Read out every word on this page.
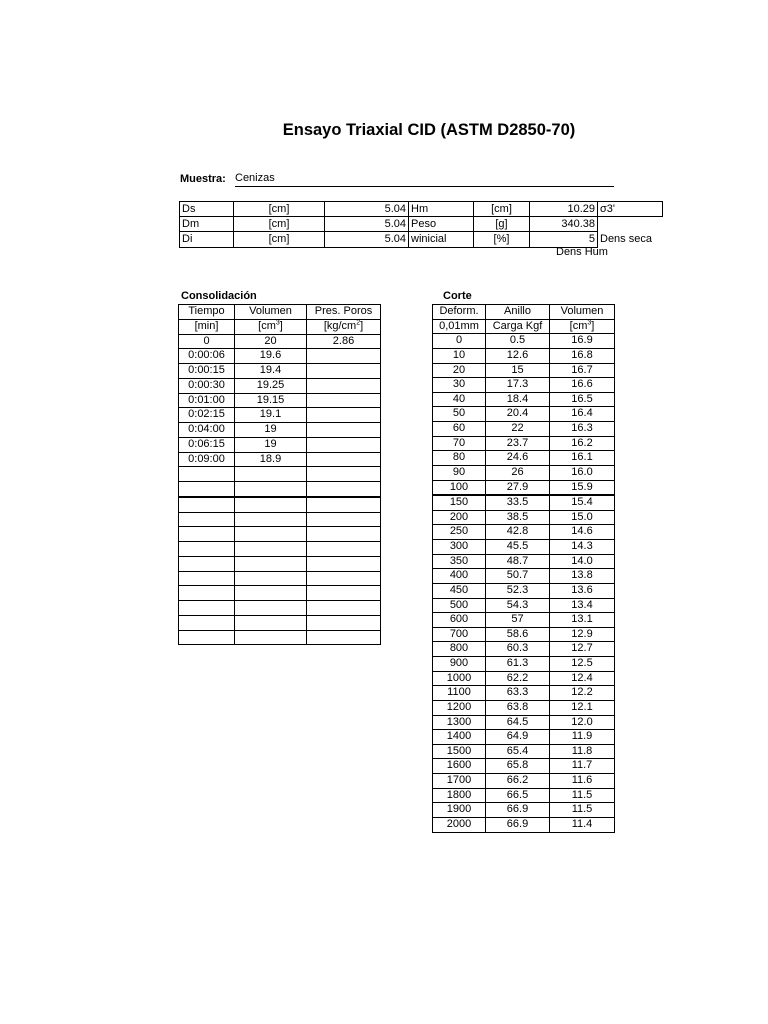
Ensayo Triaxial CID (ASTM D2850-70)
Muestra: Cenizas
Ds	[cm]	5.04	Hm	[cm]	10.29	σ3'
Dm	[cm]	5.04	Peso	[g]	340.38	
Di	[cm]	5.04	winicial	[%]	5	Dens seca
Dens Hum
Consolidación
Tiempo	Volumen	Pres. Poros
[min]	$[cm^3]$	$[kg/cm^2]$
0	20	2.86
0:00:06	19.6	
0:00:15	19.4	
0:00:30	19.25	
0:01:00	19.15	
0:02:15	19.1	
0:04:00	19	
0:06:15	19	
0:09:00	18.9	

Corte
Deform.	Anillo	Volumen
0,01mm	Carga Kgf	$[cm^3]$
0	0.5	16.9
10	12.6	16.8
20	15	16.7
30	17.3	16.6
40	18.4	16.5
50	20.4	16.4
60	22	16.3
70	23.7	16.2
80	24.6	16.1
90	26	16.0
100	27.9	15.9
150	33.5	15.4
200	38.5	15.0
250	42.8	14.6
300	45.5	14.3
350	48.7	14.0
400	50.7	13.8
450	52.3	13.6
500	54.3	13.4
600	57	13.1
700	58.6	12.9
800	60.3	12.7
900	61.3	12.5
1000	62.2	12.4
1100	63.3	12.2
1200	63.8	12.1
1300	64.5	12.0
1400	64.9	11.9
1500	65.4	11.8
1600	65.8	11.7
1700	66.2	11.6
1800	66.5	11.5
1900	66.9	11.5
2000	66.9	11.4
